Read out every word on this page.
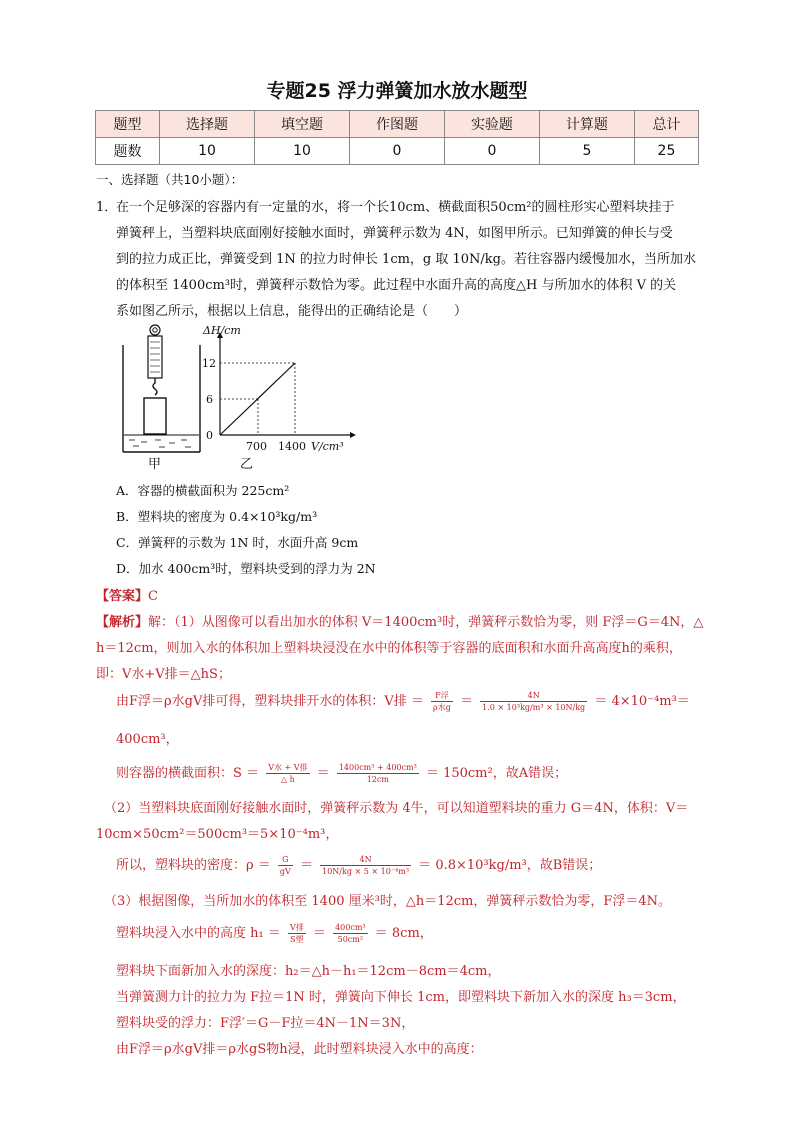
专题25 浮力弹簧加水放水题型
题型	选择题	填空题	作图题	实验题	计算题	总计
题数	10	10	0	0	5	25
一、选择题（共10小题）：
1．
在一个足够深的容器内有一定量的水，将一个长10cm、横截面积50cm²的圆柱形实心塑料块挂于
弹簧秤上，当塑料块底面刚好接触水面时，弹簧秤示数为 4N，如图甲所示。已知弹簧的伸长与受
到的拉力成正比，弹簧受到 1N 的拉力时伸长 1cm，g 取 10N/kg。若往容器内缓慢加水，当所加水
的体积至 1400cm³时，弹簧秤示数恰为零。此过程中水面升高的高度△H 与所加水的体积 V 的关
系如图乙所示，根据以上信息，能得出的正确结论是（　　）
甲
ΔH/cm
12
6
0
700 1400 V/cm³
乙
A．容器的横截面积为 225cm²
B．塑料块的密度为 0.4×10³kg/m³
C．弹簧秤的示数为 1N 时，水面升高 9cm
D．加水 400cm³时，塑料块受到的浮力为 2N
【答案】C
【解析】解：（1）从图像可以看出加水的体积 V＝1400cm³时，弹簧秤示数恰为零，则 F浮＝G＝4N，△
h＝12cm，则加入水的体积加上塑料块浸没在水中的体积等于容器的底面积和水面升高高度h的乘积，
即：V水+V排＝△hS；
由F浮＝ρ水gV排可得，塑料块排开水的体积：V排 ＝ $\frac{\text{F浮}}{\text{ρ水g}} = \frac{4N}{\text{1.0 × 10³kg/m³ × 10N/kg}} = 4\times 10^{-4}m^3=$
400cm³，
则容器的横截面积：$S = \frac{\text{V水 + V排}}{\triangle h} = \frac{\text{1400cm³ + 400cm³}}{12cm} = 150cm^2$，故A错误；
（2）当塑料块底面刚好接触水面时，弹簧秤示数为 4牛，可以知道塑料块的重力 G＝4N，体积：V＝
10cm×50cm²＝500cm³＝5×10⁻⁴m³，
所以，塑料块的密度：$\rho = \frac{G}{gV} = \frac{4N}{\text{10N/kg × 5 × 10⁻⁴m³}} = 0.8\times 10^3kg/m^3$，故B错误；
（3）根据图像，当所加水的体积至 1400 厘米³时，△h＝12cm，弹簧秤示数恰为零，F浮＝4N。
塑料块浸入水中的高度 $h_1 = \frac{\text{V排}}{\text{S塑}} = \frac{\text{400cm³}}{\text{50cm²}} = 8cm$，
塑料块下面新加入水的深度：h₂＝△h－h₁＝12cm－8cm＝4cm，
当弹簧测力计的拉力为 F拉＝1N 时，弹簧向下伸长 1cm，即塑料块下新加入水的深度 h₃＝3cm，
塑料块受的浮力：F浮′＝G－F拉＝4N－1N＝3N，
由F浮＝ρ水gV排＝ρ水gS物h浸，此时塑料块浸入水中的高度：
